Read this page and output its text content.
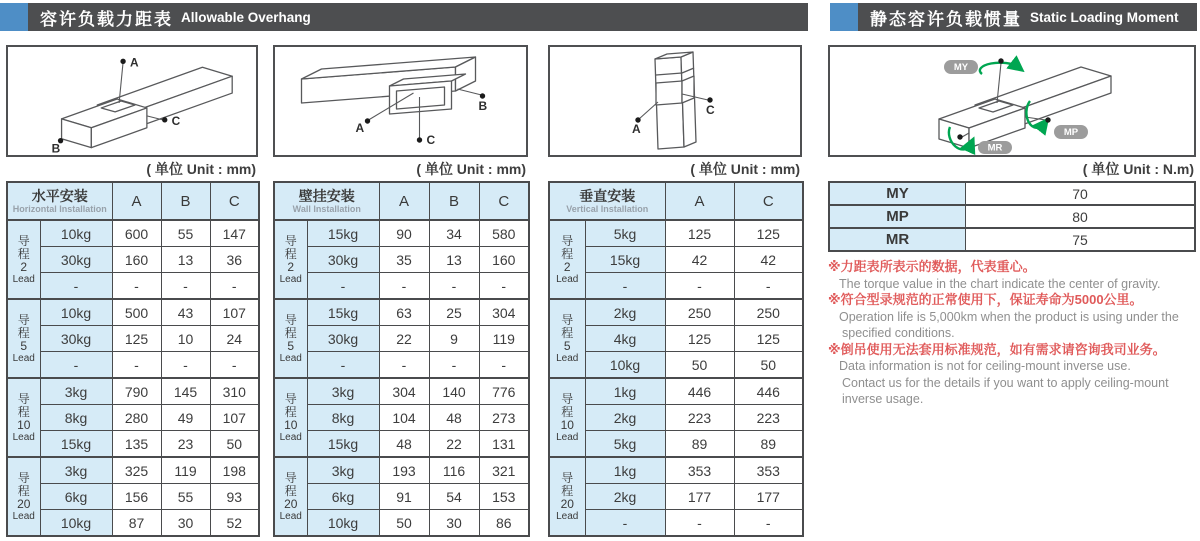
容许负载力距表 Allowable Overhang	静态容许负载惯量 Static Loading Moment
A
B
C
( 单位 Unit : mm)
水平安装
Horizontal Installation		A	B	C

导
程
2
Lead	10kg	600	55	147
	30kg	160	13	36
	-	-	-	-

导
程
5
Lead	10kg	500	43	107
	30kg	125	10	24
	-	-	-	-

导
程
10
Lead	3kg	790	145	310
	8kg	280	49	107
	15kg	135	23	50

导
程
20
Lead	3kg	325	119	198
	6kg	156	55	93
	10kg	87	30	52
A
B
C
( 单位 Unit : mm)
壁挂安装
Wall Installation		A	B	C

导
程
2
Lead	15kg	90	34	580
	30kg	35	13	160
	-	-	-	-

导
程
5
Lead	15kg	63	25	304
	30kg	22	9	119
	-	-	-	-

导
程
10
Lead	3kg	304	140	776
	8kg	104	48	273
	15kg	48	22	131

导
程
20
Lead	3kg	193	116	321
	6kg	91	54	153
	10kg	50	30	86
A
C
( 单位 Unit : mm)
垂直安装
Vertical Installation		A	C

导
程
2
Lead	5kg	125	125
	15kg	42	42
	-	-	-

导
程
5
Lead	2kg	250	250
	4kg	125	125
	10kg	50	50

导
程
10
Lead	1kg	446	446
	2kg	223	223
	5kg	89	89

导
程
20
Lead	1kg	353	353
	2kg	177	177
	-	-	-
MY
MP
MR
( 单位 Unit : N.m)
MY	70
MP	80
MR	75
※力距表所表示的数据，代表重心。
The torque value in the chart indicate the center of gravity.
※符合型录规范的正常使用下，保证寿命为5000公里。
Operation life is 5,000km when the product is using under the
specified conditions.
※倒吊使用无法套用标准规范，如有需求请咨询我司业务。
Data information is not for ceiling-mount inverse use.
Contact us for the details if you want to apply ceiling-mount
inverse usage.
